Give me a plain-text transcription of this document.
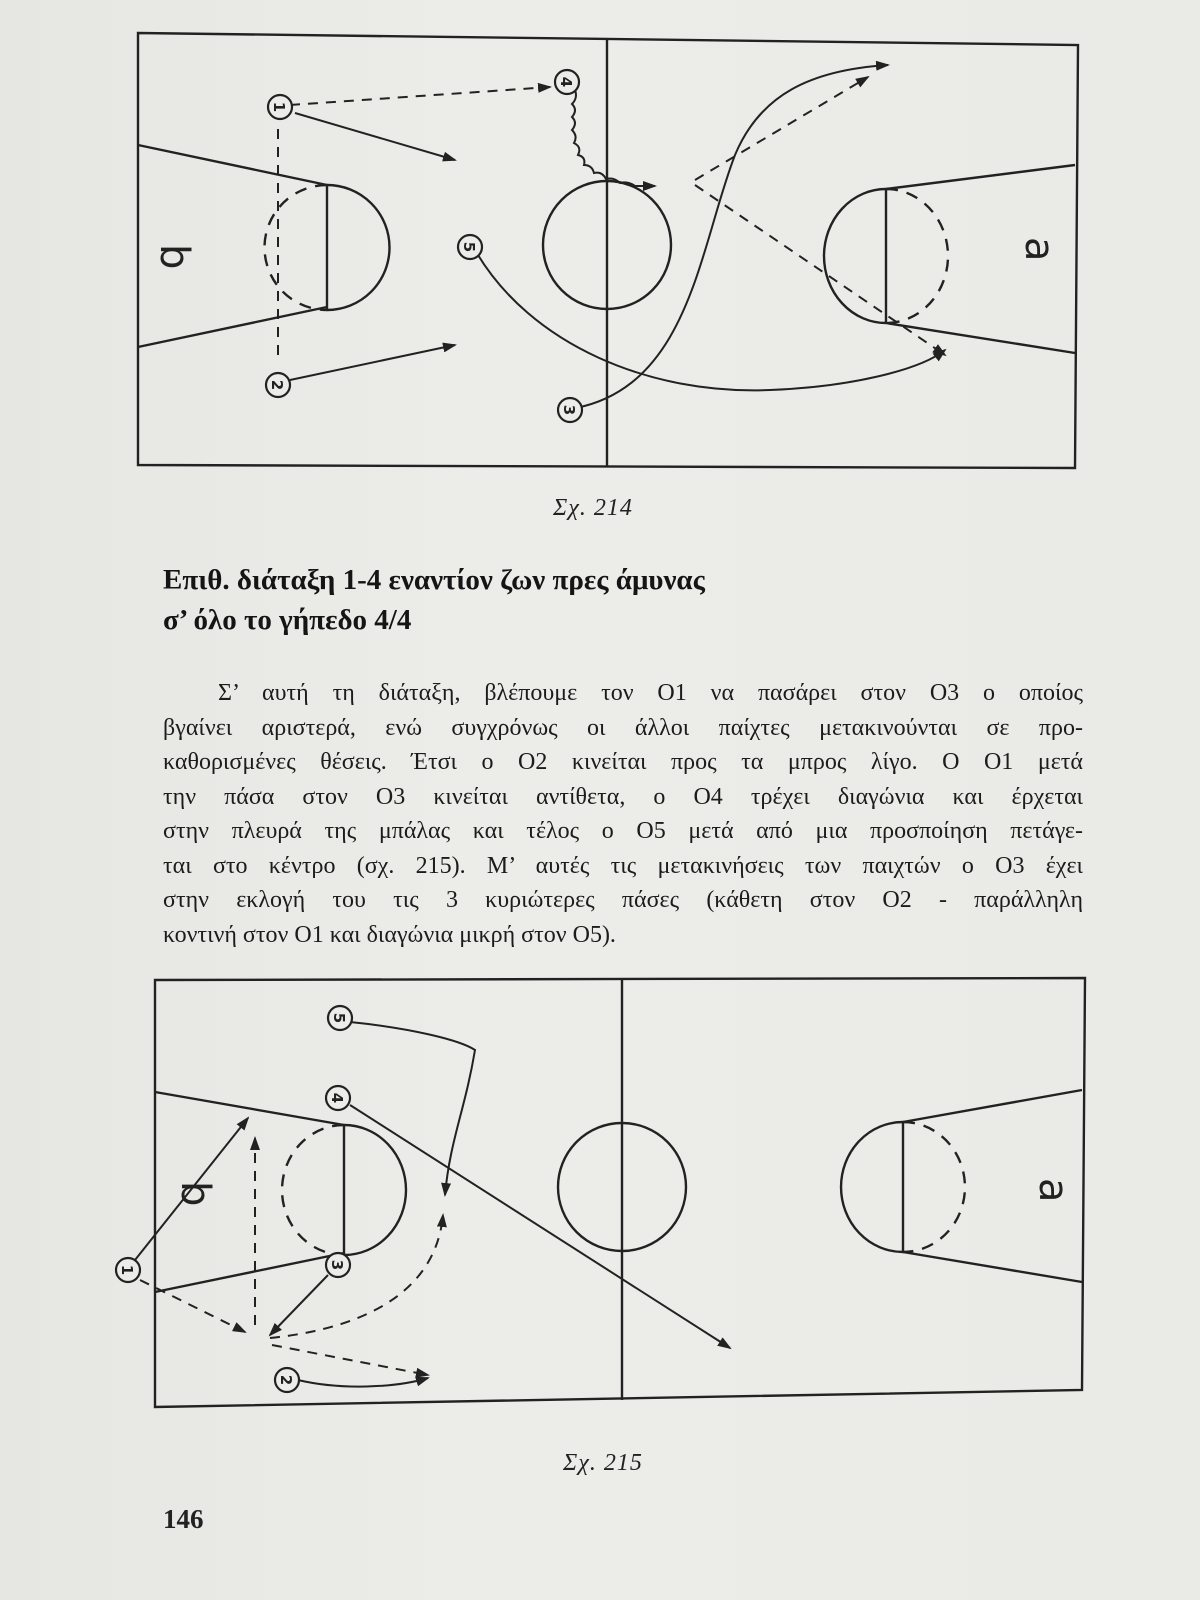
b	a
1
2
3
4
5
Σχ. 214
Επιθ. διάταξη 1-4 εναντίον ζων πρες άμυνας
σ’ όλο το γήπεδο 4/4
Σ’ αυτή τη διάταξη, βλέπουμε τον Ο1 να πασάρει στον Ο3 ο οποίος
βγαίνει αριστερά, ενώ συγχρόνως οι άλλοι παίχτες μετακινούνται σε προ-
καθορισμένες θέσεις. Έτσι ο Ο2 κινείται προς τα μπρος λίγο. Ο Ο1 μετά
την πάσα στον Ο3 κινείται αντίθετα, ο Ο4 τρέχει διαγώνια και έρχεται
στην πλευρά της μπάλας και τέλος ο Ο5 μετά από μια προσποίηση πετάγε-
ται στο κέντρο (σχ. 215). Μ’ αυτές τις μετακινήσεις των παιχτών ο Ο3 έχει
στην εκλογή του τις 3 κυριώτερες πάσες (κάθετη στον Ο2 - παράλληλη
κοντινή στον Ο1 και διαγώνια μικρή στον Ο5).
b	a
1
2
3
4
5
Σχ. 215
146
